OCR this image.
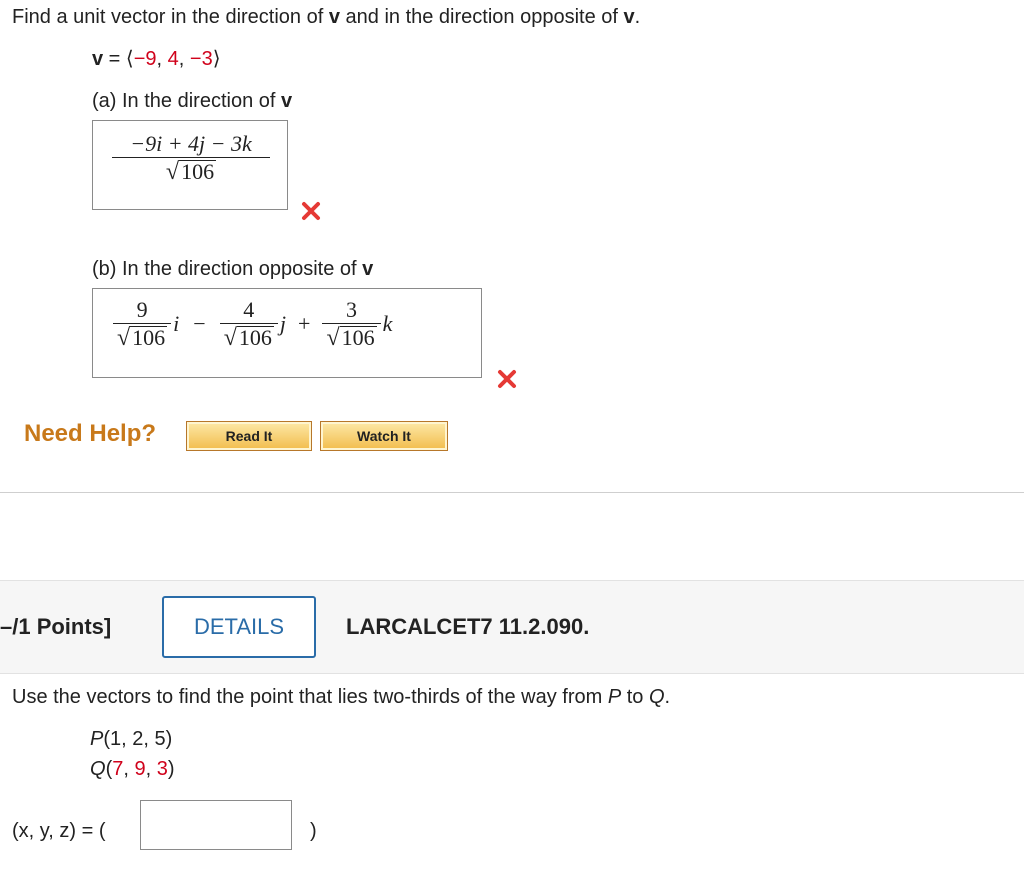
Find a unit vector in the direction of v and in the direction opposite of v.
v = ⟨−9, 4, −3⟩
(a) In the direction of v
$\frac{-9i + 4j - 3k}{√ 106}$
(b) In the direction opposite of v
$\frac{9}{√ 106}$ $i - \frac{4}{√ 106}$ $j + \frac{3}{√ 106}$ k
Need Help?	Read It	Watch It
–/1 Points]	DETAILS	LARCALCET7 11.2.090.
Use the vectors to find the point that lies two-thirds of the way from P to Q.
P(1, 2, 5)
Q(7, 9, 3)
(x, y, z) = (	)
